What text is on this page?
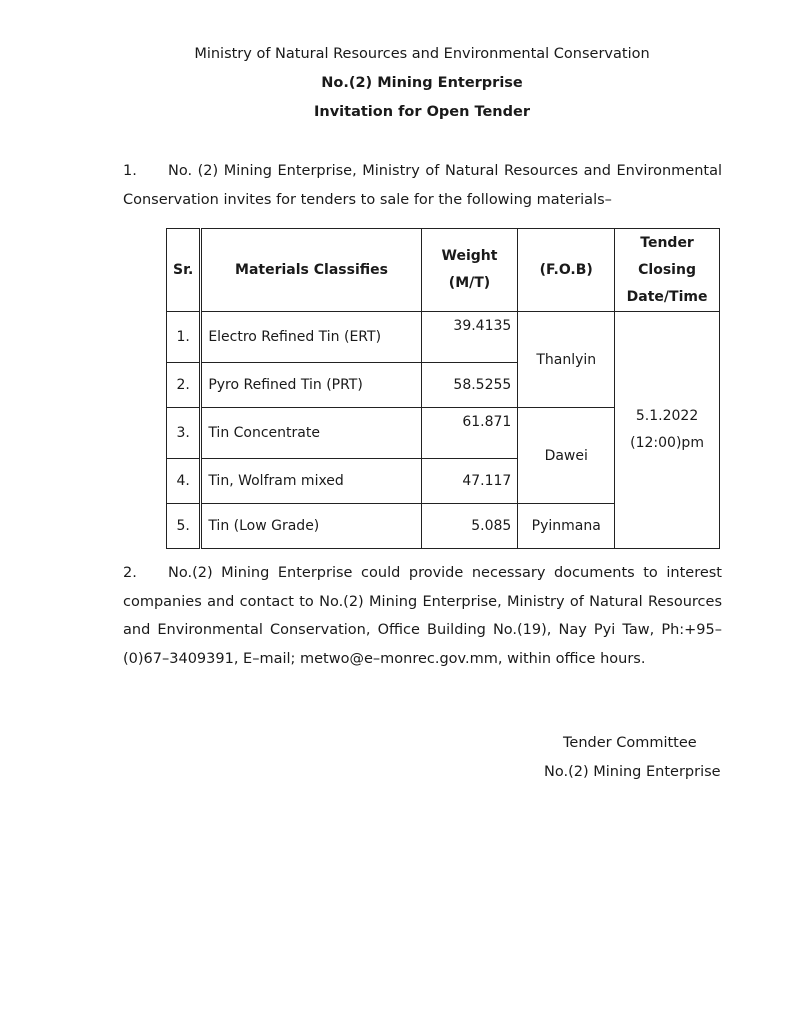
Ministry of Natural Resources and Environmental Conservation
No.(2) Mining Enterprise
Invitation for Open Tender
1. No. (2) Mining Enterprise, Ministry of Natural Resources and Environmental Conservation invites for tenders to sale for the following materials–
Sr.	Materials Classifies	Weight (M/T)	(F.O.B)	Tender Closing Date/Time
1.	Electro Refined Tin (ERT)	39.4135	Thanlyin	5.1.2022
(12:00)pm

2.	Pyro Refined Tin (PRT)	58.5255		
3.	Tin Concentrate	61.871	Dawei	
4.	Tin, Wolfram mixed	47.117		
5.	Tin (Low Grade)	5.085	Pyinmana	
2. No.(2) Mining Enterprise could provide necessary documents to interest companies and contact to No.(2) Mining Enterprise, Ministry of Natural Resources and Environmental Conservation, Office Building No.(19), Nay Pyi Taw, Ph:+95–(0)67–3409391, E–mail; metwo@e–monrec.gov.mm, within office hours.
Tender Committee
No.(2) Mining Enterprise
